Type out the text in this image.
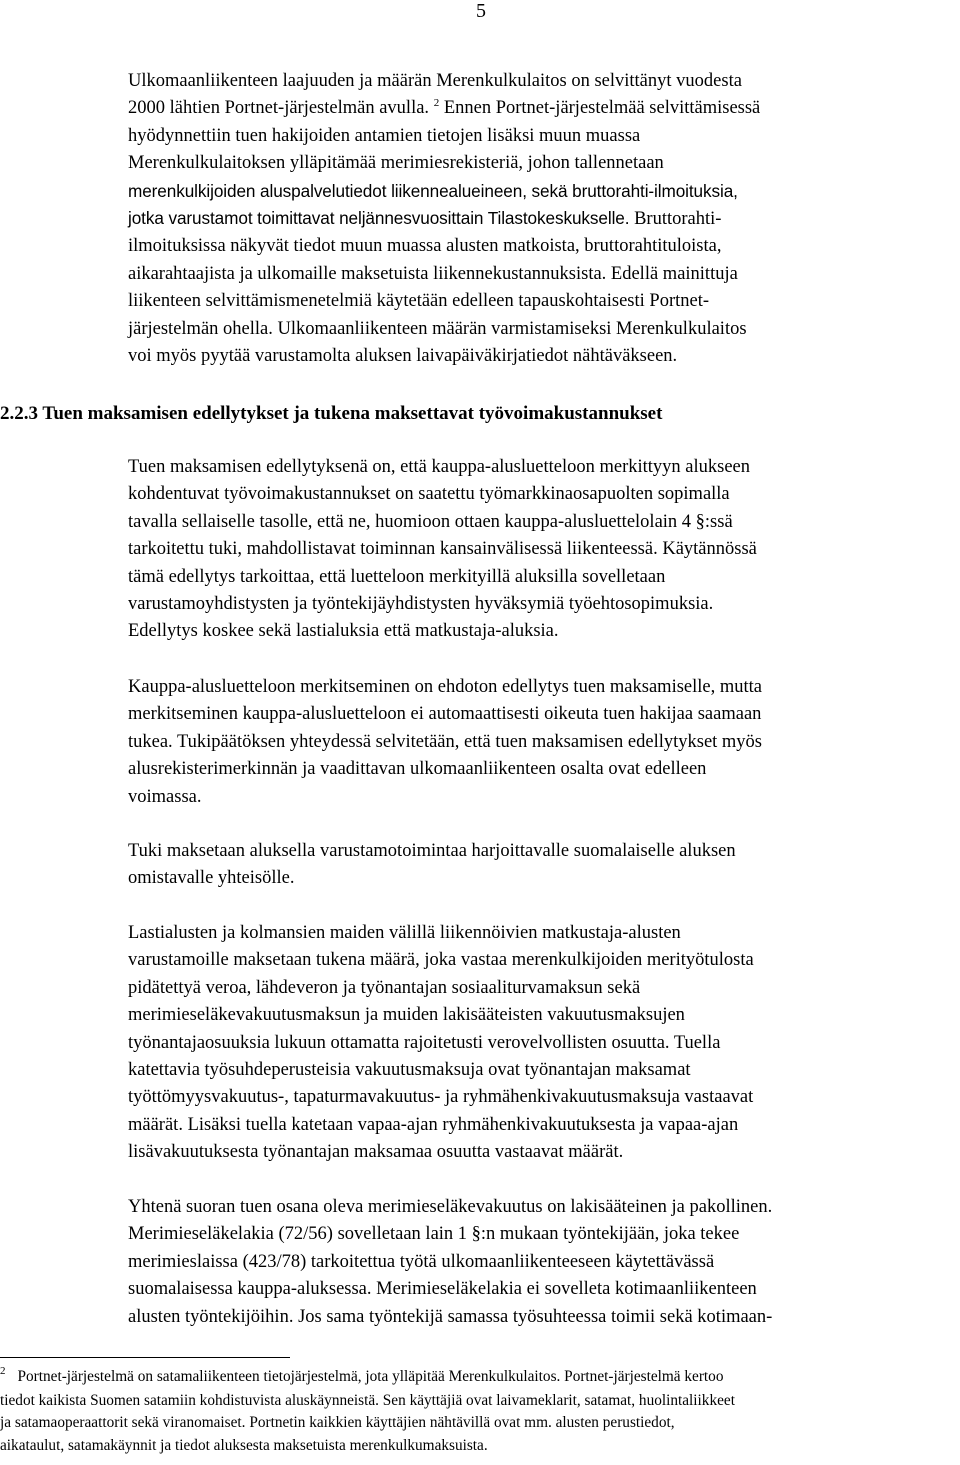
5
Ulkomaanliikenteen laajuuden ja määrän Merenkulkulaitos on selvittänyt vuodesta
2000 lähtien Portnet-järjestelmän avulla. $^2$ Ennen Portnet-järjestelmää selvittämisessä
hyödynnettiin tuen hakijoiden antamien tietojen lisäksi muun muassa
Merenkulkulaitoksen ylläpitämää merimiesrekisteriä, johon tallennetaan
merenkulkijoiden aluspalvelutiedot liikennealueineen, sekä bruttorahti-ilmoituksia,
jotka varustamot toimittavat neljännesvuosittain Tilastokeskukselle. Bruttorahti-
ilmoituksissa näkyvät tiedot muun muassa alusten matkoista, bruttorahtituloista,
aikarahtaajista ja ulkomaille maksetuista liikennekustannuksista. Edellä mainittuja
liikenteen selvittämismenetelmiä käytetään edelleen tapauskohtaisesti Portnet-
järjestelmän ohella. Ulkomaanliikenteen määrän varmistamiseksi Merenkulkulaitos
voi myös pyytää varustamolta aluksen laivapäiväkirjatiedot nähtäväkseen.
2.2.3 Tuen maksamisen edellytykset ja tukena maksettavat työvoimakustannukset
Tuen maksamisen edellytyksenä on, että kauppa-alusluetteloon merkittyyn alukseen
kohdentuvat työvoimakustannukset on saatettu työmarkkinaosapuolten sopimalla
tavalla sellaiselle tasolle, että ne, huomioon ottaen kauppa-alusluettelolain 4 §:ssä
tarkoitettu tuki, mahdollistavat toiminnan kansainvälisessä liikenteessä. Käytännössä
tämä edellytys tarkoittaa, että luetteloon merkityillä aluksilla sovelletaan
varustamoyhdistysten ja työntekijäyhdistysten hyväksymiä työehtosopimuksia.
Edellytys koskee sekä lastialuksia että matkustaja-aluksia.
Kauppa-alusluetteloon merkitseminen on ehdoton edellytys tuen maksamiselle, mutta
merkitseminen kauppa-alusluetteloon ei automaattisesti oikeuta tuen hakijaa saamaan
tukea. Tukipäätöksen yhteydessä selvitetään, että tuen maksamisen edellytykset myös
alusrekisterimerkinnän ja vaadittavan ulkomaanliikenteen osalta ovat edelleen
voimassa.
Tuki maksetaan aluksella varustamotoimintaa harjoittavalle suomalaiselle aluksen
omistavalle yhteisölle.
Lastialusten ja kolmansien maiden välillä liikennöivien matkustaja-alusten
varustamoille maksetaan tukena määrä, joka vastaa merenkulkijoiden merityötulosta
pidätettyä veroa, lähdeveron ja työnantajan sosiaaliturvamaksun sekä
merimieseläkevakuutusmaksun ja muiden lakisääteisten vakuutusmaksujen
työnantajaosuuksia lukuun ottamatta rajoitetusti verovelvollisten osuutta. Tuella
katettavia työsuhdeperusteisia vakuutusmaksuja ovat työnantajan maksamat
työttömyysvakuutus-, tapaturmavakuutus- ja ryhmähenkivakuutusmaksuja vastaavat
määrät. Lisäksi tuella katetaan vapaa-ajan ryhmähenkivakuutuksesta ja vapaa-ajan
lisävakuutuksesta työnantajan maksamaa osuutta vastaavat määrät.
Yhtenä suoran tuen osana oleva merimieseläkevakuutus on lakisääteinen ja pakollinen.
Merimieseläkelakia (72/56) sovelletaan lain 1 §:n mukaan työntekijään, joka tekee
merimieslaissa (423/78) tarkoitettua työtä ulkomaanliikenteeseen käytettävässä
suomalaisessa kauppa-aluksessa. Merimieseläkelakia ei sovelleta kotimaanliikenteen
alusten työntekijöihin. Jos sama työntekijä samassa työsuhteessa toimii sekä kotimaan-
$^2$ Portnet-järjestelmä on satamaliikenteen tietojärjestelmä, jota ylläpitää Merenkulkulaitos. Portnet-järjestelmä kertoo
tiedot kaikista Suomen satamiin kohdistuvista aluskäynneistä. Sen käyttäjiä ovat laivameklarit, satamat, huolintaliikkeet
ja satamaoperaattorit sekä viranomaiset. Portnetin kaikkien käyttäjien nähtävillä ovat mm. alusten perustiedot,
aikataulut, satamakäynnit ja tiedot aluksesta maksetuista merenkulkumaksuista.
